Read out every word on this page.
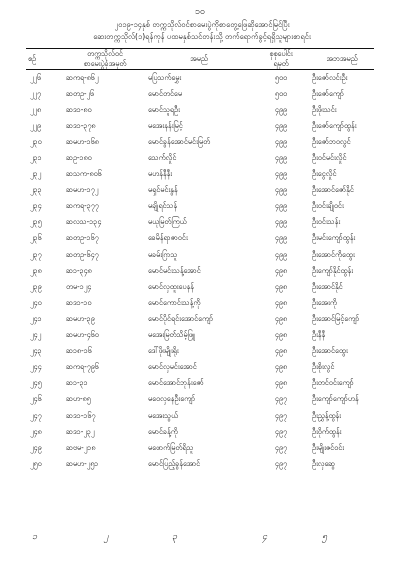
၁၀
၂၀၁၉-၁၄နှစ် တက္ကသိုလ်ဝင်စာမေးပွဲကိုစာတွေ့ဖြေဆိုအောင်မြင်ပြီး
ဆေးတက္ကသိုလ်(၁)ရန်ကုန် ပထမနှစ်သင်တန်းသို့ တက်ရောက်ခွင့်ရရှိသူများစာရင်း

စဉ်	တက္ကသိုလ်ဝင်
စာမေးပွဲခုံအမှတ်	အမည်	စုစုပေါင်း
ရမှတ်	အဘအမည်

၂၂၆	ဆကရ-၈၆၂	မပြသက်မွှေး	၅၀၀	ဦးဇော်လင်းဦး
၂၂၇	ဆတဥ-၂၆	မောင်တင်မေ	၅၀၀	ဦးဇော်ကျော်
၂၂၈	ဆဒ၁-၈၀	မောင်သူရဦး	၄၉၉	ဦးဖိုးသင်း
၂၂၉	ဆဒ၁-၃၇၈	မအေးနန်းမြင့်	၄၉၉	ဦးဇော်ကျော်ထွန်း
၂၃၀	ဆမဟ-၁၆၈	မောင်ခွန်အောင်မင်းမြတ်	၄၉၉	ဦးဇော်ဘဝလွင်
၂၃၁	ဆဥ-၁၈၀	သေက်လှိုင်	၄၉၉	ဦးဝင်မင်းလှိုင်
၂၃၂	ဆသက-၈၀၆	မဟန်နီနီး	၄၉၉	ဦးငွေလှိုင်
၂၃၃	ဆမဟ-၁၇၂	မရှင်မင်းနွန်	၄၉၉	ဦးအောင်ဇော်နိုင်
၂၃၄	ဆကရ-၃၇၇	မချိုရင်သန်	၄၉၉	ဦးဝင်းချိုဝင်း
၂၃၅	ဆလသ-၁၃၄	မယုမြတ်ကြယ်	၄၉၉	ဦးဝင်းသန်း
၂၃၆	ဆတဥ-၁၆၇	ခေမိန်ရာဇာဝင်း	၄၉၉	ဦးမင်းကျော်ထွန်း
၂၃၇	ဆတဥ-၆၄၇	မခမ်းဂြာသူ	၄၉၉	ဦးအောင်ကိုထွေး
၂၃၈	ဆ၁-၃၄၈	မောင်မင်းသန့်အောင်	၄၉၈	ဦးကျော်နိုင်ထွန်း
၂၃၉	တမ-၁၂၄	မောင်လှထူးပေနန်	၄၉၈	ဦးအောင်နိုင်
၂၄၀	ဆဒ၁-၁၀	မောင်ကောင်းသန့်ကို	၄၉၈	ဦးအေးကို
၂၄၁	ဆမဟ-၃၉	မောင်ပိုင်ရင်းအောင်ကျော်	၄၉၈	ဦးအောင်မြင့်ကျော်
၂၄၂	ဆမဟ-၄၆၀	မအေးမြတ်သိမ့်ဖြူ	၄၉၈	ဦးနီနီ
၂၄၃	ဆ၁၈-၁၆	ဒေါ်ဖိုးမျိုးရိုး	၄၉၈	ဦးအောင်ထွေး
၂၄၄	ဆကရ-၇၉၆	မောင်လှမင်းအောင်	၄၉၈	ဦးစိုးလွင်
၂၄၅	ဆ၁-၃၁	မောင်အောင်ဘုန်းဇော်	၄၉၈	ဦးတင်ဝင်းကျော်
၂၄၆	ဆဟ-၈၅	မဝေလှနေဦးကျော်	၄၉၇	ဦးကျော်ကျော်ဟန်
၂၄၇	ဆဒ၁-၁၆၇	မအေးသွယ်	၄၉၇	ဦးညွှန့်ထွန်း
၂၄၈	ဆဒ၁-၂၃၂	မောင်ခန့်ကို	၄၉၇	ဦးဝိုက်ထွန်း
၂၄၉	ဆဗမ-၂၁၈	မဖောက်မြတ်ရိသူ	၄၉၇	ဦးမျိုးဇင်ဝင်း
၂၅၀	ဆမဟ-၂၅၁	မောင်ပြည့်ခွန်အောင်	၄၉၇	ဦးလှဆွေ
၁	၂	၃	၄	၅
